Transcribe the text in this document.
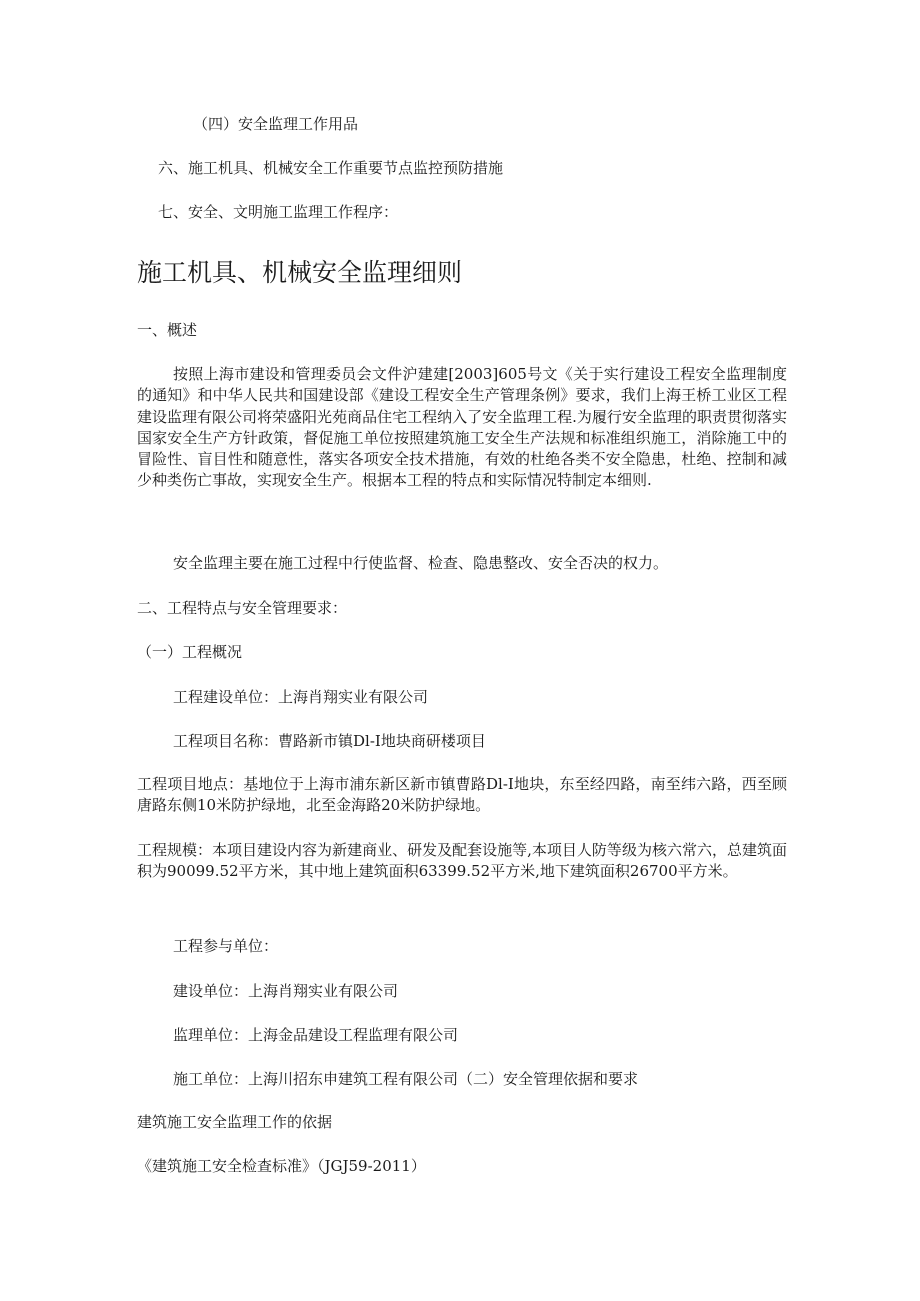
（四）安全监理工作用品
六、施工机具、机械安全工作重要节点监控预防措施
七、安全、文明施工监理工作程序：
施工机具、机械安全监理细则
一、概述
按照上海市建设和管理委员会文件沪建建[2003]605号文《关于实行建设工程安全监理制度的通知》和中华人民共和国建设部《建设工程安全生产管理条例》要求，我们上海王桥工业区工程建设监理有限公司将荣盛阳光苑商品住宅工程纳入了安全监理工程.为履行安全监理的职责贯彻落实国家安全生产方针政策，督促施工单位按照建筑施工安全生产法规和标准组织施工，消除施工中的冒险性、盲目性和随意性，落实各项安全技术措施，有效的杜绝各类不安全隐患，杜绝、控制和减少种类伤亡事故，实现安全生产。根据本工程的特点和实际情况特制定本细则.
安全监理主要在施工过程中行使监督、检查、隐患整改、安全否决的权力。
二、工程特点与安全管理要求：
（一）工程概况
工程建设单位：上海肖翔实业有限公司
工程项目名称：曹路新市镇Dl-I地块商研楼项目
工程项目地点：基地位于上海市浦东新区新市镇曹路Dl-I地块，东至经四路，南至纬六路，西至顾唐路东侧10米防护绿地，北至金海路20米防护绿地。
工程规模：本项目建设内容为新建商业、研发及配套设施等,本项目人防等级为核六常六，总建筑面积为90099.52平方米，其中地上建筑面积63399.52平方米,地下建筑面积26700平方米。
工程参与单位：
建设单位：上海肖翔实业有限公司
监理单位：上海金品建设工程监理有限公司
施工单位：上海川招东申建筑工程有限公司（二）安全管理依据和要求
建筑施工安全监理工作的依据
《建筑施工安全检查标准》（JGJ59-2011）
